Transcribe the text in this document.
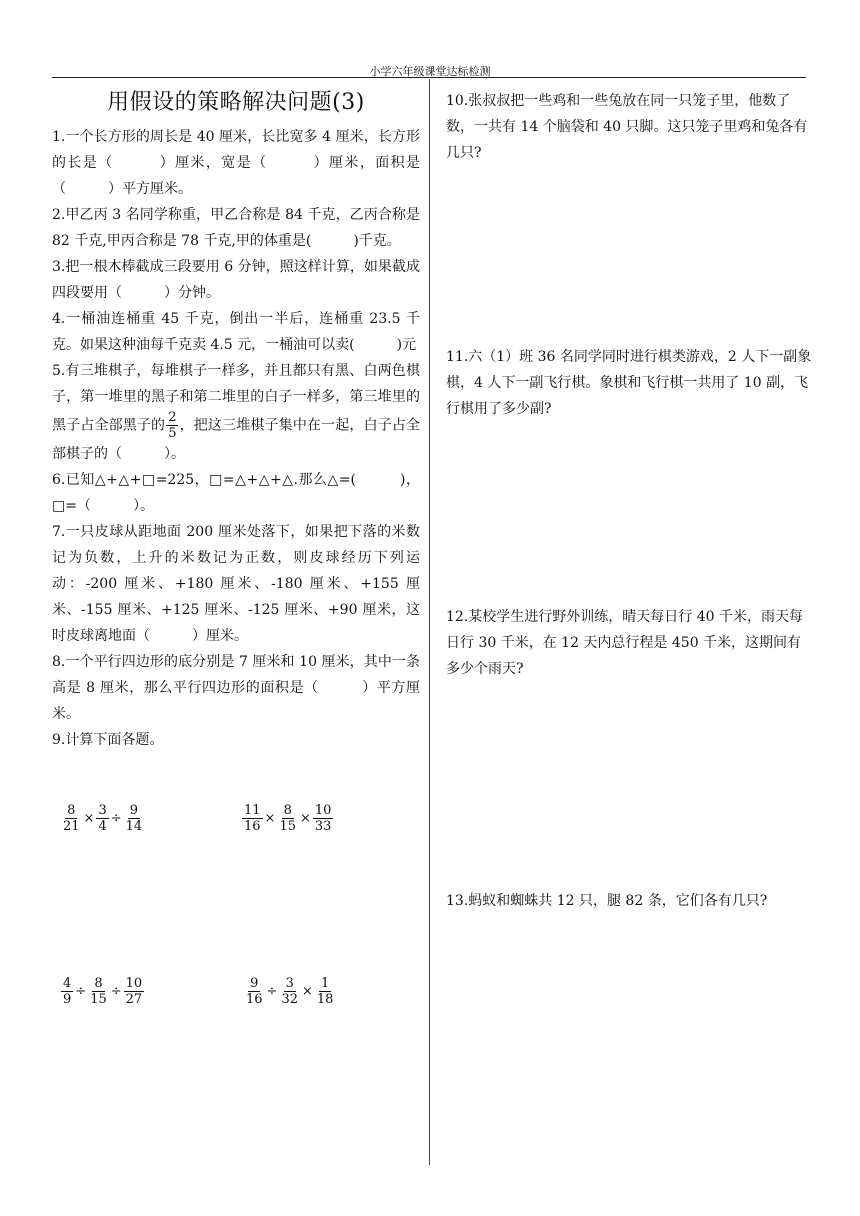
小学六年级课堂达标检测
用假设的策略解决问题(3)

1.一个长方形的周长是 40 厘米，长比宽多 4 厘米，长方形的长是（　　　）厘米，宽是（　　　）厘米，面积是（　　　）平方厘米。

2.甲乙丙 3 名同学称重，甲乙合称是 84 千克，乙丙合称是 82 千克,甲丙合称是 78 千克,甲的体重是(　　　)千克。

3.把一根木棒截成三段要用 6 分钟，照这样计算，如果截成四段要用（　　　）分钟。

4.一桶油连桶重 45 千克，倒出一半后，连桶重 23.5 千克。如果这种油每千克卖 4.5 元，一桶油可以卖(　　　)元

5.有三堆棋子，每堆棋子一样多，并且都只有黑、白两色棋子，第一堆里的黑子和第二堆里的白子一样多，第三堆里的黑子占全部黑子的 $\frac{2}{5}$ ，把这三堆棋子集中在一起，白子占全部棋子的（　　　）。

6.已知△+△+□=225，□=△+△+△.那么△=(　　　)，□=（　　　）。

7.一只皮球从距地面 200 厘米处落下，如果把下落的米数记为负数，上升的米数记为正数，则皮球经历下列运动：-200 厘米、+180 厘米、-180 厘米、+155 厘米、-155 厘米、+125 厘米、-125 厘米、+90 厘米，这时皮球离地面（　　　）厘米。

8.一个平行四边形的底分别是 7 厘米和 10 厘米，其中一条高是 8 厘米，那么平行四边形的面积是（　　　）平方厘米。

9.计算下面各题。

$\frac{8}{21} \times \frac{3}{4} \div \frac{9}{14}$	$\frac{11}{16} \times \frac{8}{15} \times \frac{10}{33}$
$\frac{4}{9} \div \frac{8}{15} \div \frac{10}{27}$	$\frac{9}{16} \div \frac{3}{32} \times \frac{1}{18}$

10.张叔叔把一些鸡和一些兔放在同一只笼子里，他数了数，一共有 14 个脑袋和 40 只脚。这只笼子里鸡和兔各有几只?

11.六（1）班 36 名同学同时进行棋类游戏，2 人下一副象棋，4 人下一副飞行棋。象棋和飞行棋一共用了 10 副，飞行棋用了多少副?

12.某校学生进行野外训练，晴天每日行 40 千米，雨天每日行 30 千米，在 12 天内总行程是 450 千米，这期间有多少个雨天?

13.蚂蚁和蜘蛛共 12 只，腿 82 条，它们各有几只?
